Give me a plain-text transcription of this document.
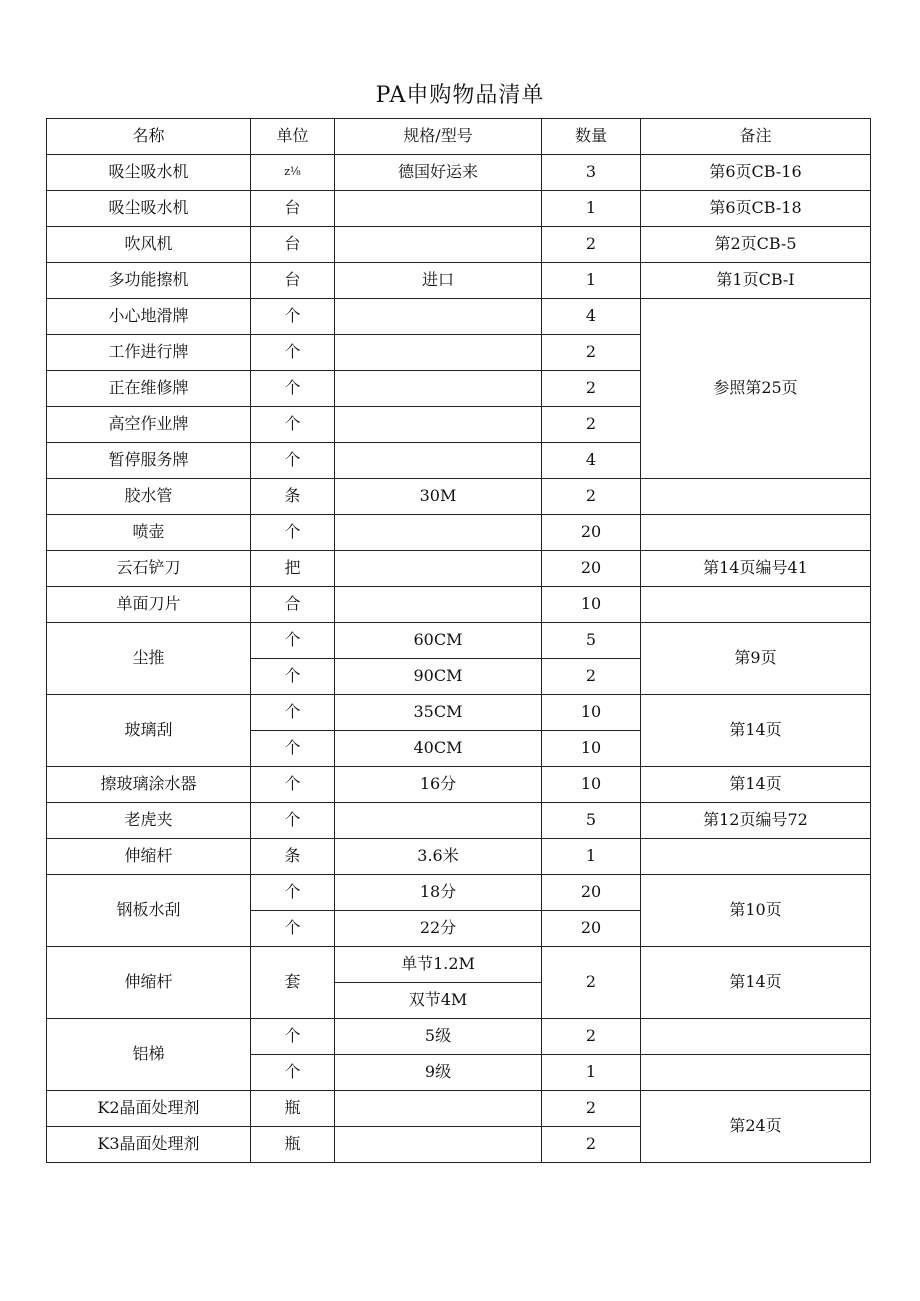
PA申购物品清单
名称	单位	规格/型号	数量	备注
吸尘吸水机	z⅛	德国好运来	3	第6页CB-16
吸尘吸水机	台		1	第6页CB-18
吹风机	台		2	第2页CB-5
多功能擦机	台	进口	1	第1页CB-I
小心地滑牌	个		4	参照第25页
工作进行牌	个		2	
正在维修牌	个		2	
高空作业牌	个		2	
暂停服务牌	个		4	
胶水管	条	30M	2	
喷壶	个		20	
云石铲刀	把		20	第14页编号41
单面刀片	合		10	
尘推	个	60CM	5	第9页
	个	90CM	2	
玻璃刮	个	35CM	10	第14页
	个	40CM	10	
擦玻璃涂水器	个	16分	10	第14页
老虎夹	个		5	第12页编号72
伸缩杆	条	3.6米	1	
钢板水刮	个	18分	20	第10页
	个	22分	20	
伸缩杆	套	单节1.2M	2	第14页
		双节4M		
铝梯	个	5级	2	
	个	9级	1	
K2晶面处理剂	瓶		2	第24页
K3晶面处理剂	瓶		2	
